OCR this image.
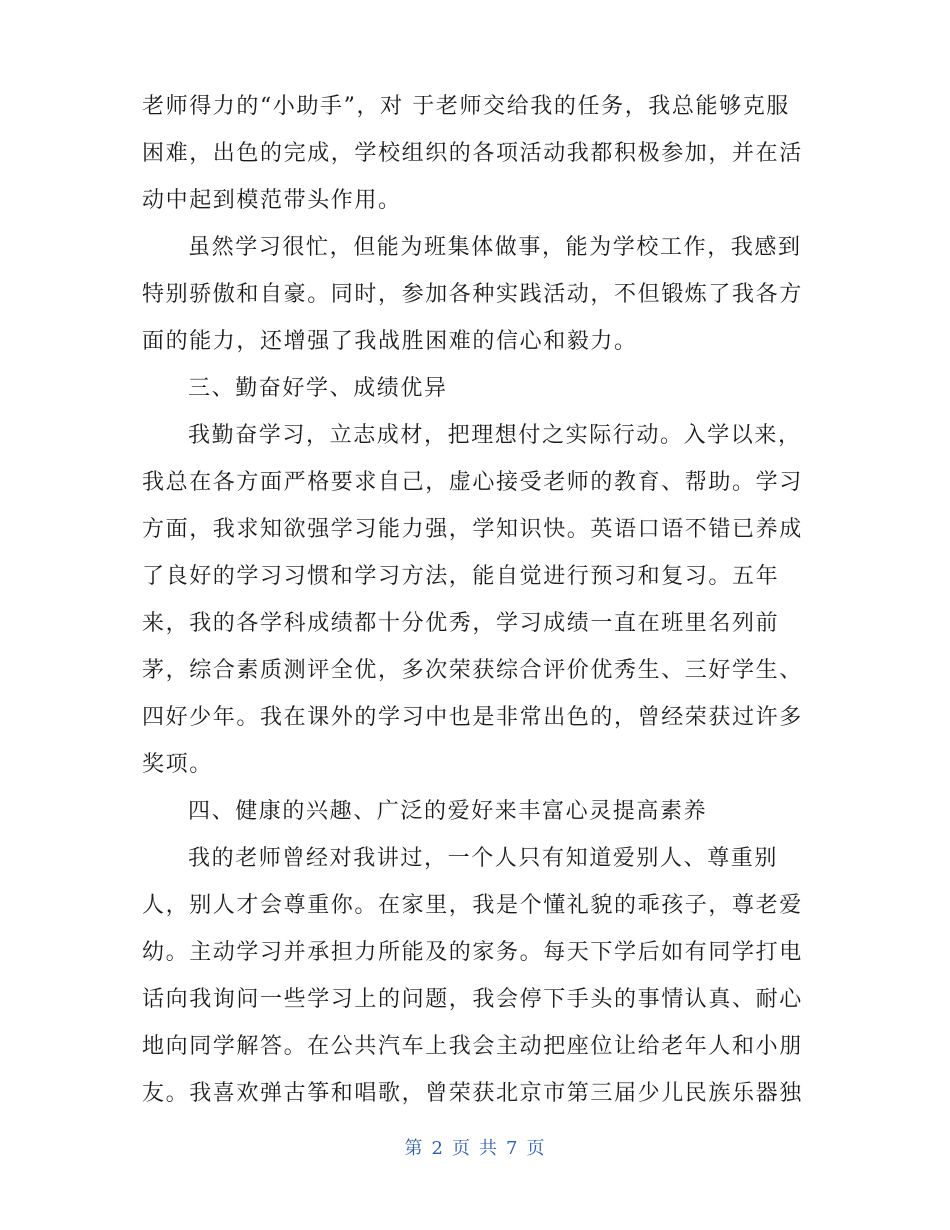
老师得力的“小助手”，对 于老师交给我的任务，我总能够克服
困难，出色的完成，学校组织的各项活动我都积极参加，并在活
动中起到模范带头作用。
虽然学习很忙，但能为班集体做事，能为学校工作，我感到
特别骄傲和自豪。同时，参加各种实践活动，不但锻炼了我各方
面的能力，还增强了我战胜困难的信心和毅力。
三、勤奋好学、成绩优异
我勤奋学习，立志成材，把理想付之实际行动。入学以来，
我总在各方面严格要求自己，虚心接受老师的教育、帮助。学习
方面，我求知欲强学习能力强，学知识快。英语口语不错已养成
了良好的学习习惯和学习方法，能自觉进行预习和复习。五年
来，我的各学科成绩都十分优秀，学习成绩一直在班里名列前
茅，综合素质测评全优，多次荣获综合评价优秀生、三好学生、
四好少年。我在课外的学习中也是非常出色的，曾经荣获过许多
奖项。
四、健康的兴趣、广泛的爱好来丰富心灵提高素养
我的老师曾经对我讲过，一个人只有知道爱别人、尊重别
人，别人才会尊重你。在家里，我是个懂礼貌的乖孩子，尊老爱
幼。主动学习并承担力所能及的家务。每天下学后如有同学打电
话向我询问一些学习上的问题，我会停下手头的事情认真、耐心
地向同学解答。在公共汽车上我会主动把座位让给老年人和小朋
友。我喜欢弹古筝和唱歌，曾荣获北京市第三届少儿民族乐器独
第 2 页 共 7 页
